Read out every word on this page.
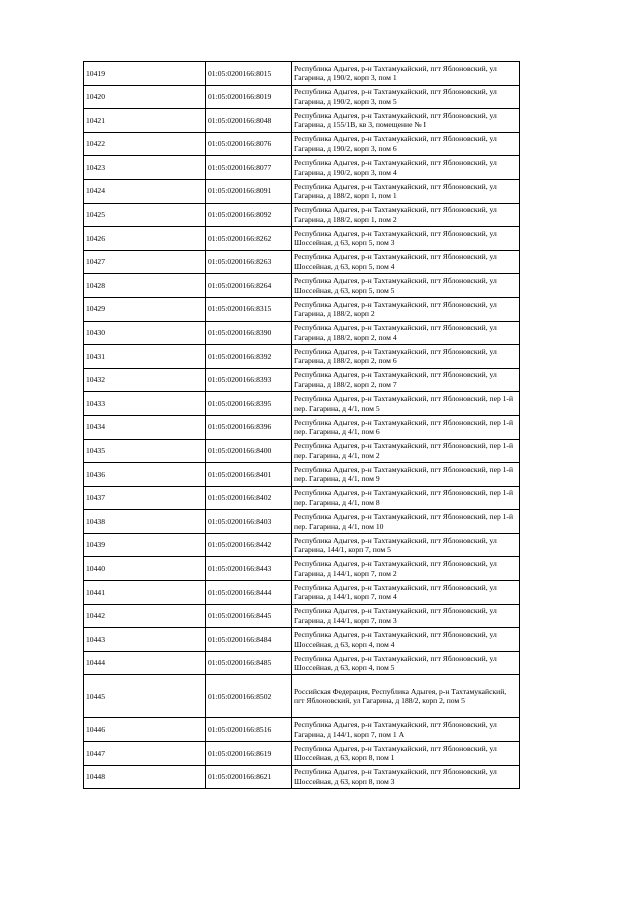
10419	01:05:0200166:8015	Республика Адыгея, р-н Тахтамукайский, пгт Яблоновский, ул Гагарина, д 190/2, корп 3, пом 1
10420	01:05:0200166:8019	Республика Адыгея, р-н Тахтамукайский, пгт Яблоновский, ул Гагарина, д 190/2, корп 3, пом 5
10421	01:05:0200166:8048	Республика Адыгея, р-н Тахтамукайский, пгт Яблоновский, ул Гагарина, д 155/1В, кв 3, помещение № I
10422	01:05:0200166:8076	Республика Адыгея, р-н Тахтамукайский, пгт Яблоновский, ул Гагарина, д 190/2, корп 3, пом 6
10423	01:05:0200166:8077	Республика Адыгея, р-н Тахтамукайский, пгт Яблоновский, ул Гагарина, д 190/2, корп 3, пом 4
10424	01:05:0200166:8091	Республика Адыгея, р-н Тахтамукайский, пгт Яблоновский, ул Гагарина, д 188/2, корп 1, пом 1
10425	01:05:0200166:8092	Республика Адыгея, р-н Тахтамукайский, пгт Яблоновский, ул Гагарина, д 188/2, корп 1, пом 2
10426	01:05:0200166:8262	Республика Адыгея, р-н Тахтамукайский, пгт Яблоновский, ул Шоссейная, д 63, корп 5, пом 3
10427	01:05:0200166:8263	Республика Адыгея, р-н Тахтамукайский, пгт Яблоновский, ул Шоссейная, д 63, корп 5, пом 4
10428	01:05:0200166:8264	Республика Адыгея, р-н Тахтамукайский, пгт Яблоновский, ул Шоссейная, д 63, корп 5, пом 5
10429	01:05:0200166:8315	Республика Адыгея, р-н Тахтамукайский, пгт Яблоновский, ул Гагарина, д 188/2, корп 2
10430	01:05:0200166:8390	Республика Адыгея, р-н Тахтамукайский, пгт Яблоновский, ул Гагарина, д 188/2, корп 2, пом 4
10431	01:05:0200166:8392	Республика Адыгея, р-н Тахтамукайский, пгт Яблоновский, ул Гагарина, д 188/2, корп 2, пом 6
10432	01:05:0200166:8393	Республика Адыгея, р-н Тахтамукайский, пгт Яблоновский, ул Гагарина, д 188/2, корп 2, пом 7
10433	01:05:0200166:8395	Республика Адыгея, р-н Тахтамукайский, пгт Яблоновский, пер 1-й пер. Гагарина, д 4/1, пом 5
10434	01:05:0200166:8396	Республика Адыгея, р-н Тахтамукайский, пгт Яблоновский, пер 1-й пер. Гагарина, д 4/1, пом 6
10435	01:05:0200166:8400	Республика Адыгея, р-н Тахтамукайский, пгт Яблоновский, пер 1-й пер. Гагарина, д 4/1, пом 2
10436	01:05:0200166:8401	Республика Адыгея, р-н Тахтамукайский, пгт Яблоновский, пер 1-й пер. Гагарина, д 4/1, пом 9
10437	01:05:0200166:8402	Республика Адыгея, р-н Тахтамукайский, пгт Яблоновский, пер 1-й пер. Гагарина, д 4/1, пом 8
10438	01:05:0200166:8403	Республика Адыгея, р-н Тахтамукайский, пгт Яблоновский, пер 1-й пер. Гагарина, д 4/1, пом 10
10439	01:05:0200166:8442	Республика Адыгея, р-н Тахтамукайский, пгт Яблоновский, ул Гагарина, 144/1, корп 7, пом 5
10440	01:05:0200166:8443	Республика Адыгея, р-н Тахтамукайский, пгт Яблоновский, ул Гагарина, д 144/1, корп 7, пом 2
10441	01:05:0200166:8444	Республика Адыгея, р-н Тахтамукайский, пгт Яблоновский, ул Гагарина, д 144/1, корп 7, пом 4
10442	01:05:0200166:8445	Республика Адыгея, р-н Тахтамукайский, пгт Яблоновский, ул Гагарина, д 144/1, корп 7, пом 3
10443	01:05:0200166:8484	Республика Адыгея, р-н Тахтамукайский, пгт Яблоновский, ул Шоссейная, д 63, корп 4, пом 4
10444	01:05:0200166:8485	Республика Адыгея, р-н Тахтамукайский, пгт Яблоновский, ул Шоссейная, д 63, корп 4, пом 5
10445	01:05:0200166:8502	Российская Федерация, Республика Адыгея, р-н Тахтамукайский, пгт Яблоновский, ул Гагарина, д 188/2, корп 2, пом 5
10446	01:05:0200166:8516	Республика Адыгея, р-н Тахтамукайский, пгт Яблоновский, ул Гагарина, д 144/1, корп 7, пом 1 А
10447	01:05:0200166:8619	Республика Адыгея, р-н Тахтамукайский, пгт Яблоновский, ул Шоссейная, д 63, корп 8, пом 1
10448	01:05:0200166:8621	Республика Адыгея, р-н Тахтамукайский, пгт Яблоновский, ул Шоссейная, д 63, корп 8, пом 3
